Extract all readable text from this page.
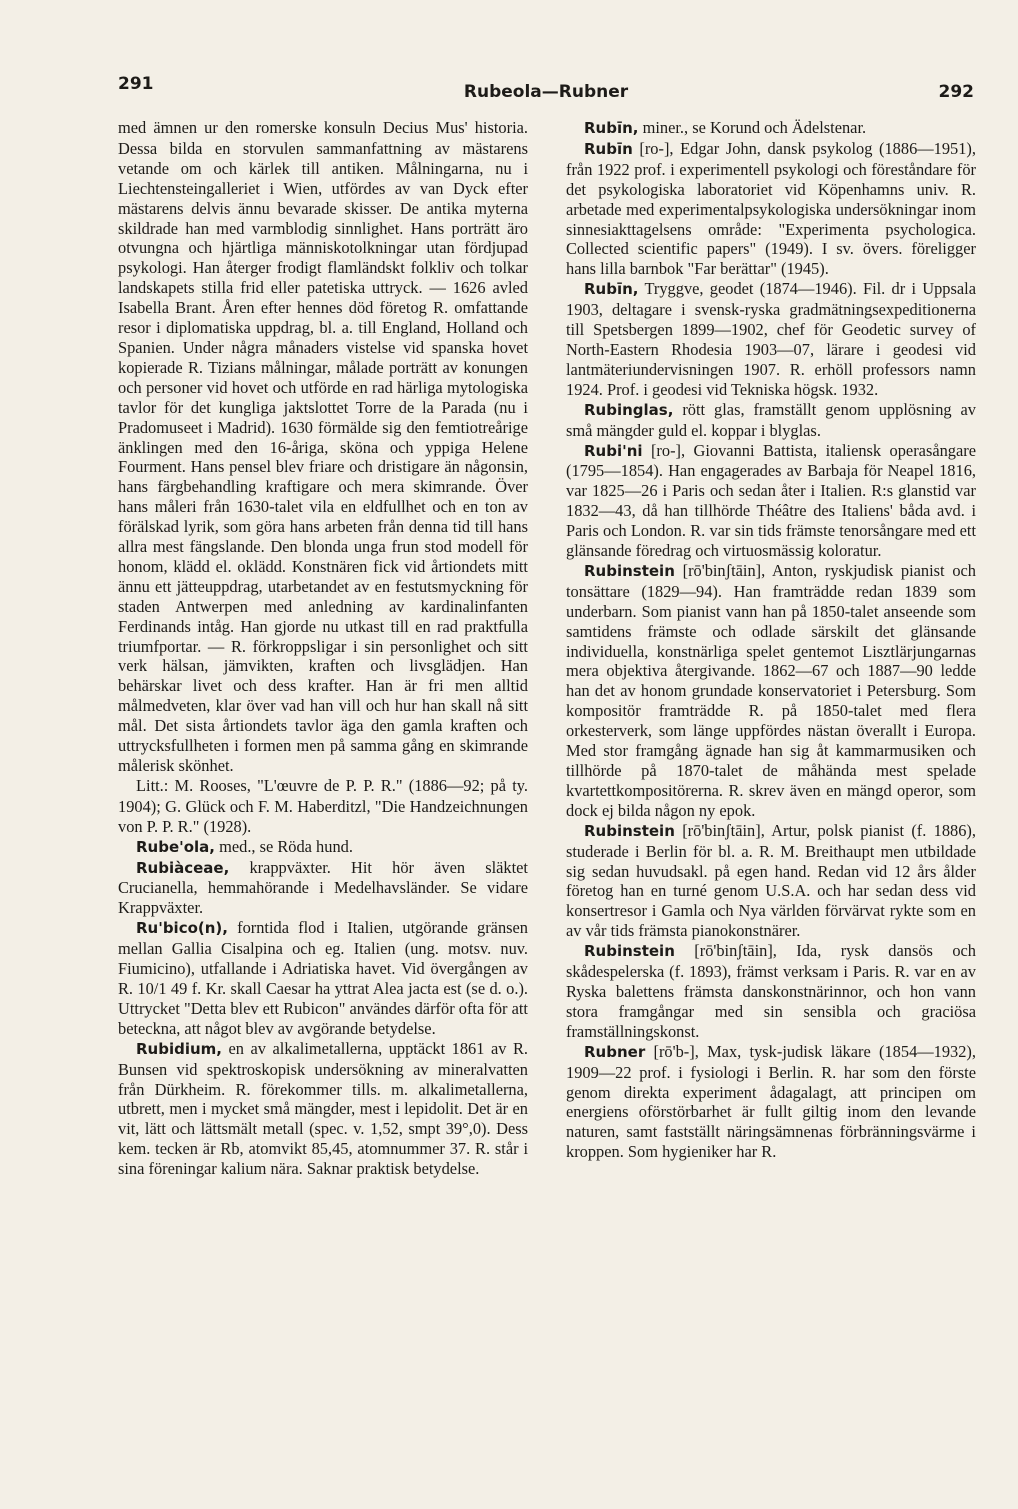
291	Rubeola—Rubner	292

med ämnen ur den romerske konsuln Decius Mus' historia. Dessa bilda en storvulen sammanfattning av mästarens vetande om och kärlek till antiken. Målningarna, nu i Liechtensteingalleriet i Wien, utfördes av van Dyck efter mästarens delvis ännu bevarade skisser. De antika myterna skildrade han med varmblodig sinnlighet. Hans porträtt äro otvungna och hjärtliga människotolkningar utan fördjupad psykologi. Han återger frodigt flamländskt folkliv och tolkar landskapets stilla frid eller patetiska uttryck. — 1626 avled Isabella Brant. Åren efter hennes död företog R. omfattande resor i diplomatiska uppdrag, bl. a. till England, Holland och Spanien. Under några månaders vistelse vid spanska hovet kopierade R. Tizians målningar, målade porträtt av konungen och personer vid hovet och utförde en rad härliga mytologiska tavlor för det kungliga jaktslottet Torre de la Parada (nu i Pradomuseet i Madrid). 1630 förmälde sig den femtiotreårige änklingen med den 16-åriga, sköna och yppiga Helene Fourment. Hans pensel blev friare och dristigare än någonsin, hans färgbehandling kraftigare och mera skimrande. Över hans måleri från 1630-talet vila en eldfullhet och en ton av förälskad lyrik, som göra hans arbeten från denna tid till hans allra mest fängslande. Den blonda unga frun stod modell för honom, klädd el. oklädd. Konstnären fick vid årtiondets mitt ännu ett jätteuppdrag, utarbetandet av en festutsmyckning för staden Antwerpen med anledning av kardinalinfanten Ferdinands intåg. Han gjorde nu utkast till en rad praktfulla triumfportar. — R. förkroppsligar i sin personlighet och sitt verk hälsan, jämvikten, kraften och livsglädjen. Han behärskar livet och dess krafter. Han är fri men alltid målmedveten, klar över vad han vill och hur han skall nå sitt mål. Det sista årtiondets tavlor äga den gamla kraften och uttrycksfullheten i formen men på samma gång en skimrande målerisk skönhet.

Litt.: M. Rooses, "L'œuvre de P. P. R." (1886—92; på ty. 1904); G. Glück och F. M. Haberditzl, "Die Handzeichnungen von P. P. R." (1928).

Rube'ola, med., se Röda hund.

Rubiàceae, krappväxter. Hit hör även släktet Crucianella, hemmahörande i Medelhavsländer. Se vidare Krappväxter.

Ru'bico(n), forntida flod i Italien, utgörande gränsen mellan Gallia Cisalpina och eg. Italien (ung. motsv. nuv. Fiumicino), utfallande i Adriatiska havet. Vid övergången av R. 10/1 49 f. Kr. skall Caesar ha yttrat Alea jacta est (se d. o.). Uttrycket "Detta blev ett Rubicon" användes därför ofta för att beteckna, att något blev av avgörande betydelse.

Rubidium, en av alkalimetallerna, upptäckt 1861 av R. Bunsen vid spektroskopisk undersökning av mineralvatten från Dürkheim. R. förekommer tills. m. alkalimetallerna, utbrett, men i mycket små mängder, mest i lepidolit. Det är en vit, lätt och lättsmält metall (spec. v. 1,52, smpt 39°,0). Dess kem. tecken är Rb, atomvikt 85,45, atomnummer 37. R. står i sina föreningar kalium nära. Saknar praktisk betydelse.

Rubīn, miner., se Korund och Ädelstenar.

Rubīn [ro-], Edgar John, dansk psykolog (1886—1951), från 1922 prof. i experimentell psykologi och föreståndare för det psykologiska laboratoriet vid Köpenhamns univ. R. arbetade med experimentalpsykologiska undersökningar inom sinnesiakttagelsens område: "Experimenta psychologica. Collected scientific papers" (1949). I sv. övers. föreligger hans lilla barnbok "Far berättar" (1945).

Rubīn, Tryggve, geodet (1874—1946). Fil. dr i Uppsala 1903, deltagare i svensk-ryska gradmätningsexpeditionerna till Spetsbergen 1899—1902, chef för Geodetic survey of North-Eastern Rhodesia 1903—07, lärare i geodesi vid lantmäteriundervisningen 1907. R. erhöll professors namn 1924. Prof. i geodesi vid Tekniska högsk. 1932.

Rubinglas, rött glas, framställt genom upplösning av små mängder guld el. koppar i blyglas.

Rubi'ni [ro-], Giovanni Battista, italiensk operasångare (1795—1854). Han engagerades av Barbaja för Neapel 1816, var 1825—26 i Paris och sedan åter i Italien. R:s glanstid var 1832—43, då han tillhörde Théâtre des Italiens' båda avd. i Paris och London. R. var sin tids främste tenorsångare med ett glänsande föredrag och virtuosmässig koloratur.

Rubinstein [rō'binʃtāin], Anton, ryskjudisk pianist och tonsättare (1829—94). Han framträdde redan 1839 som underbarn. Som pianist vann han på 1850-talet anseende som samtidens främste och odlade särskilt det glänsande individuella, konstnärliga spelet gentemot Lisztlärjungarnas mera objektiva återgivande. 1862—67 och 1887—90 ledde han det av honom grundade konservatoriet i Petersburg. Som kompositör framträdde R. på 1850-talet med flera orkesterverk, som länge uppfördes nästan överallt i Europa. Med stor framgång ägnade han sig åt kammarmusiken och tillhörde på 1870-talet de måhända mest spelade kvartettkompositörerna. R. skrev även en mängd operor, som dock ej bilda någon ny epok.

Rubinstein [rō'binʃtāin], Artur, polsk pianist (f. 1886), studerade i Berlin för bl. a. R. M. Breithaupt men utbildade sig sedan huvudsakl. på egen hand. Redan vid 12 års ålder företog han en turné genom U.S.A. och har sedan dess vid konsertresor i Gamla och Nya världen förvärvat rykte som en av vår tids främsta pianokonstnärer.

Rubinstein [rō'binʃtāin], Ida, rysk dansös och skådespelerska (f. 1893), främst verksam i Paris. R. var en av Ryska balettens främsta danskonstnärinnor, och hon vann stora framgångar med sin sensibla och graciösa framställningskonst.

Rubner [rō'b-], Max, tysk-judisk läkare (1854—1932), 1909—22 prof. i fysiologi i Berlin. R. har som den förste genom direkta experiment ådagalagt, att principen om energiens oförstörbarhet är fullt giltig inom den levande naturen, samt fastställt näringsämnenas förbränningsvärme i kroppen. Som hygieniker har R.
